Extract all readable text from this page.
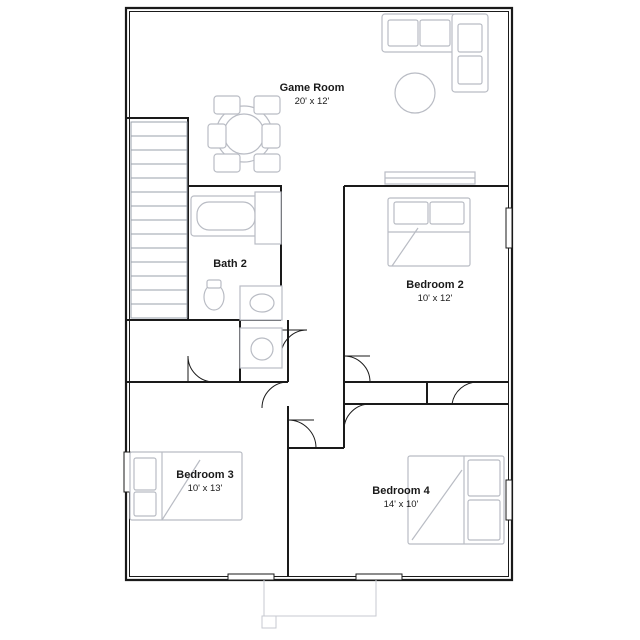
Game Room
20' x 12'
Bath 2
Bedroom 2
10' x 12'
Bedroom 3
10' x 13'	Bedroom 4
14' x 10'
